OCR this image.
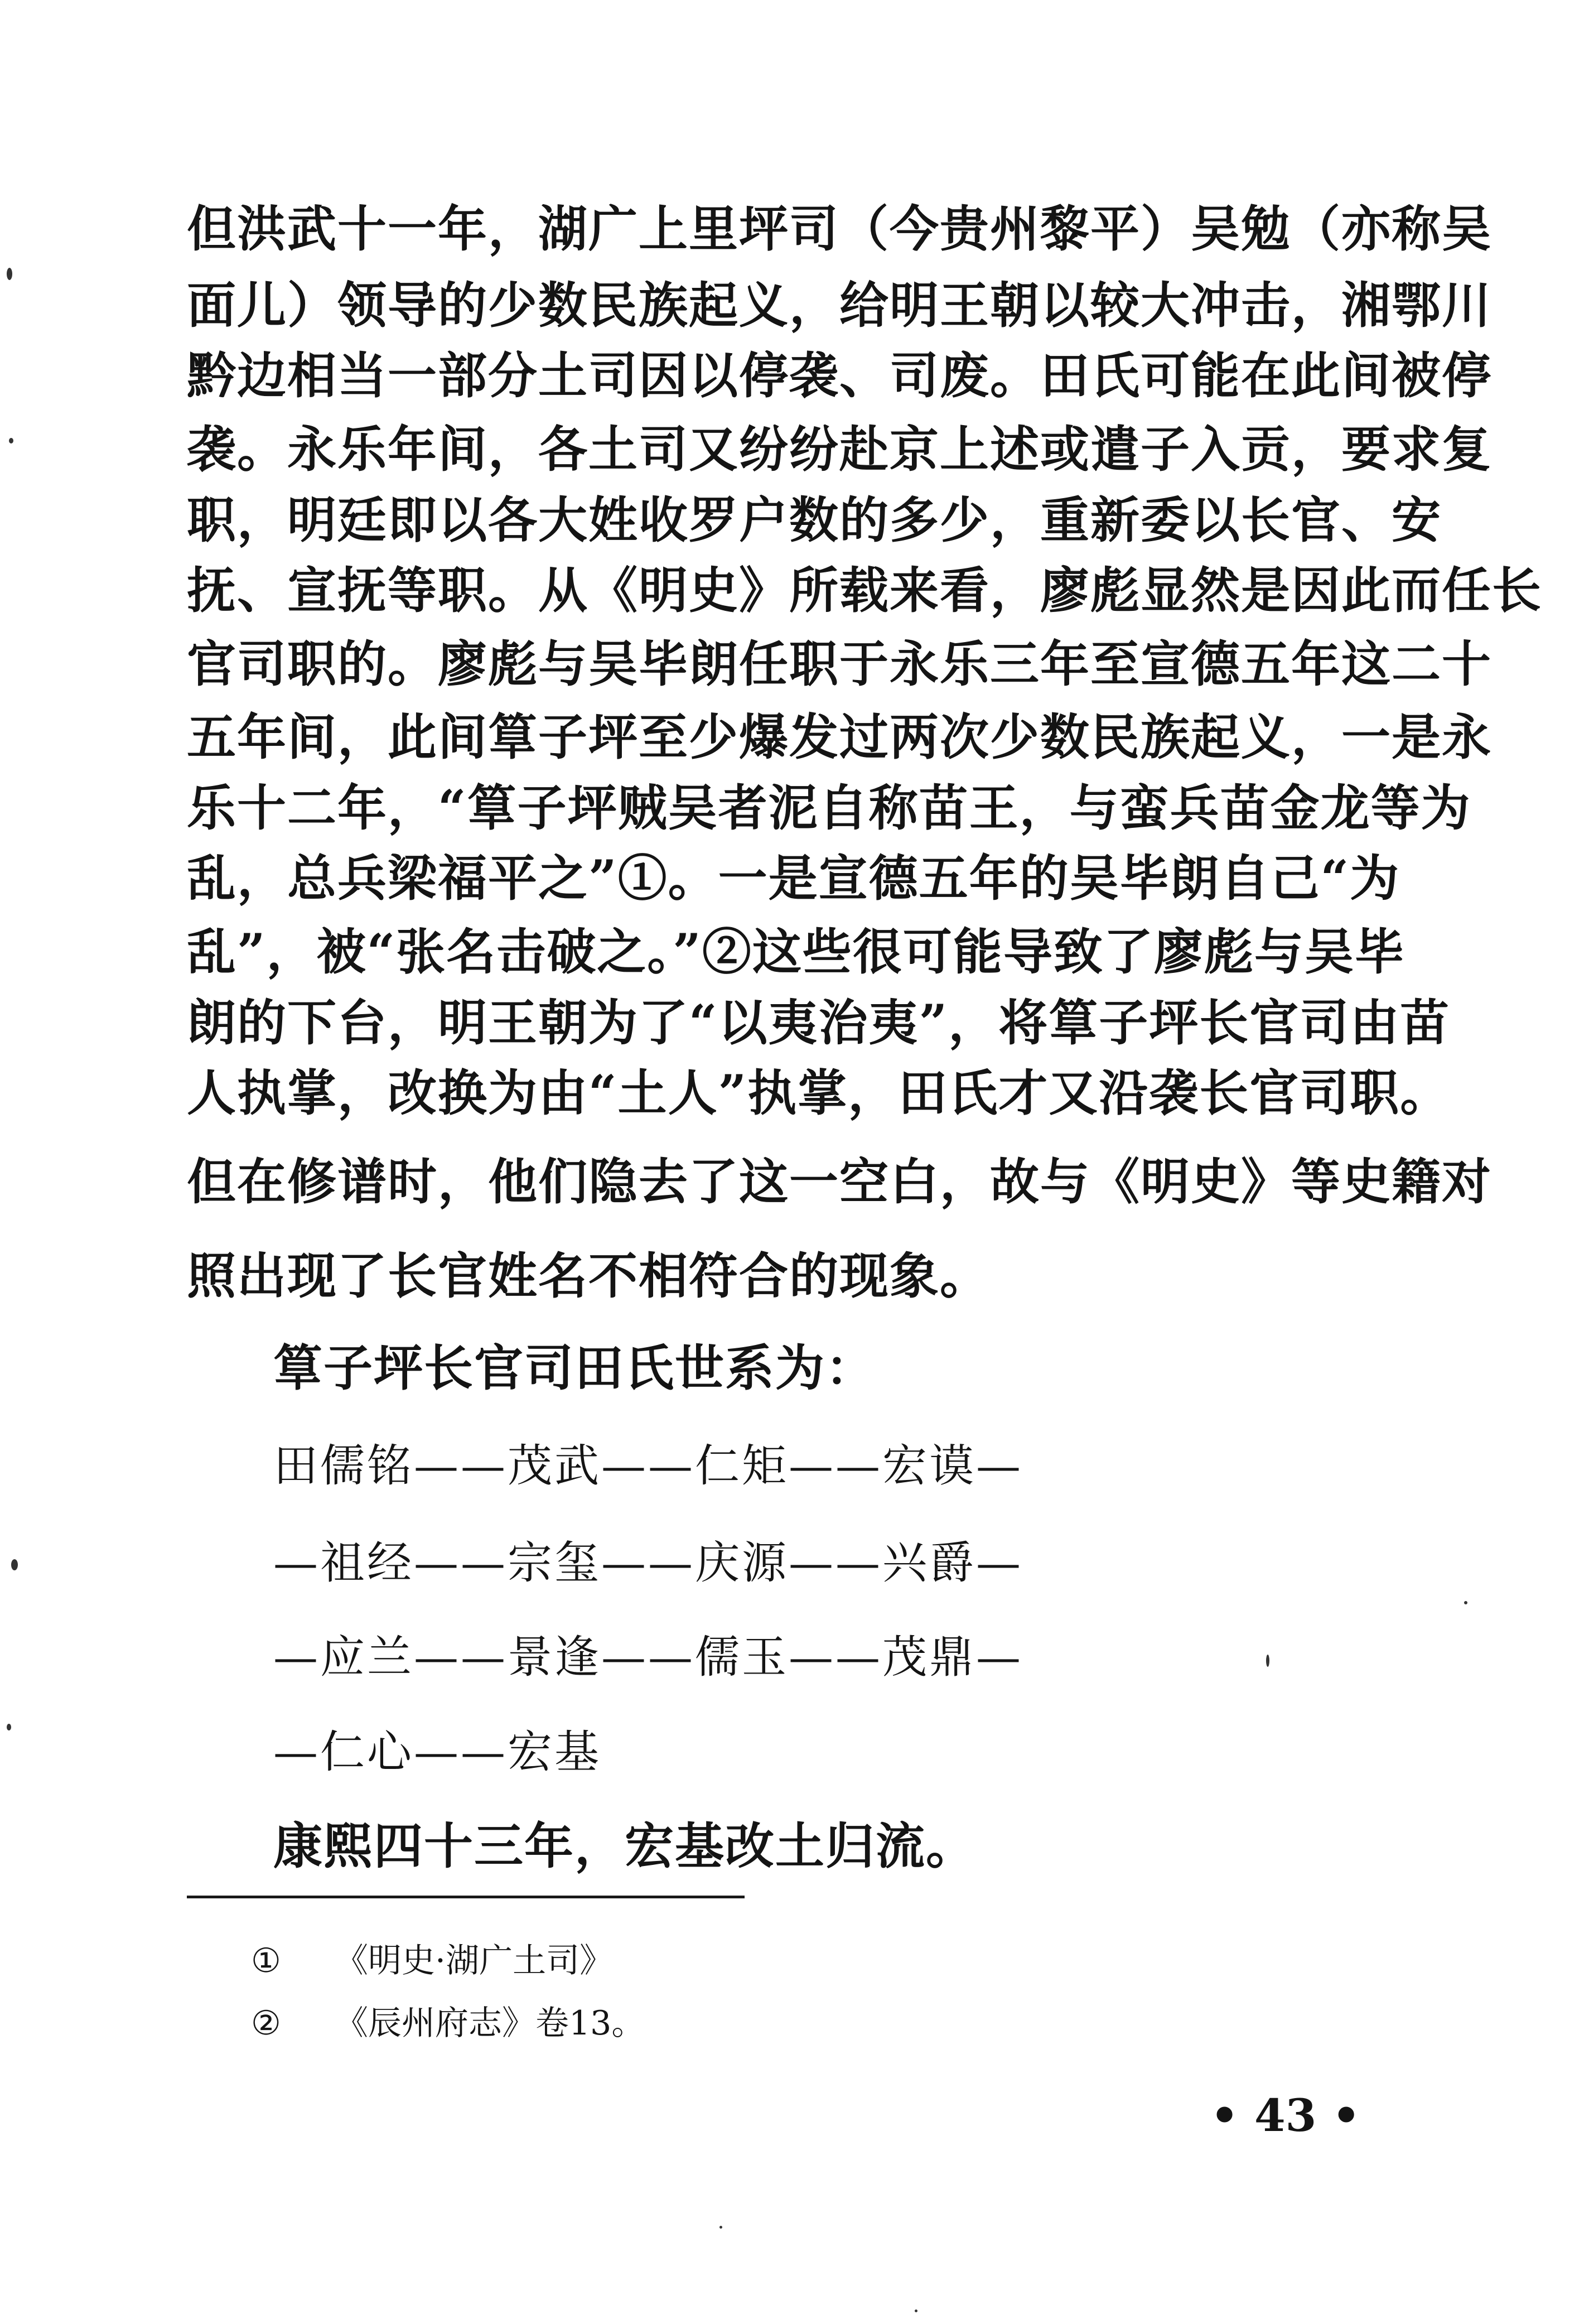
但洪武十一年，湖广上里坪司（今贵州黎平）吴勉（亦称吴
面儿）领导的少数民族起义，给明王朝以较大冲击，湘鄂川
黔边相当一部分土司因以停袭、司废。田氏可能在此间被停
袭。永乐年间，各土司又纷纷赴京上述或遣子入贡，要求复
职，明廷即以各大姓收罗户数的多少，重新委以长官、安
抚、宣抚等职。从《明史》所载来看，廖彪显然是因此而任长
官司职的。廖彪与吴毕朗任职于永乐三年至宣德五年这二十
五年间，此间筸子坪至少爆发过两次少数民族起义，一是永
乐十二年，“筸子坪贼吴者泥自称苗王，与蛮兵苗金龙等为
乱，总兵梁福平之”①。一是宣德五年的吴毕朗自己“为
乱”，被“张名击破之。”②这些很可能导致了廖彪与吴毕
朗的下台，明王朝为了“以夷治夷”，将筸子坪长官司由苗
人执掌，改换为由“土人”执掌，田氏才又沿袭长官司职。
但在修谱时，他们隐去了这一空白，故与《明史》等史籍对
照出现了长官姓名不相符合的现象。
筸子坪长官司田氏世系为：
田儒铭——茂武——仁矩——宏谟—
—祖经——宗玺——庆源——兴爵—
—应兰——景逢——儒玉——茂鼎—
—仁心——宏基
康熙四十三年，宏基改土归流。
① 《明史·湖广土司》
② 《辰州府志》卷13。
• 43 •
